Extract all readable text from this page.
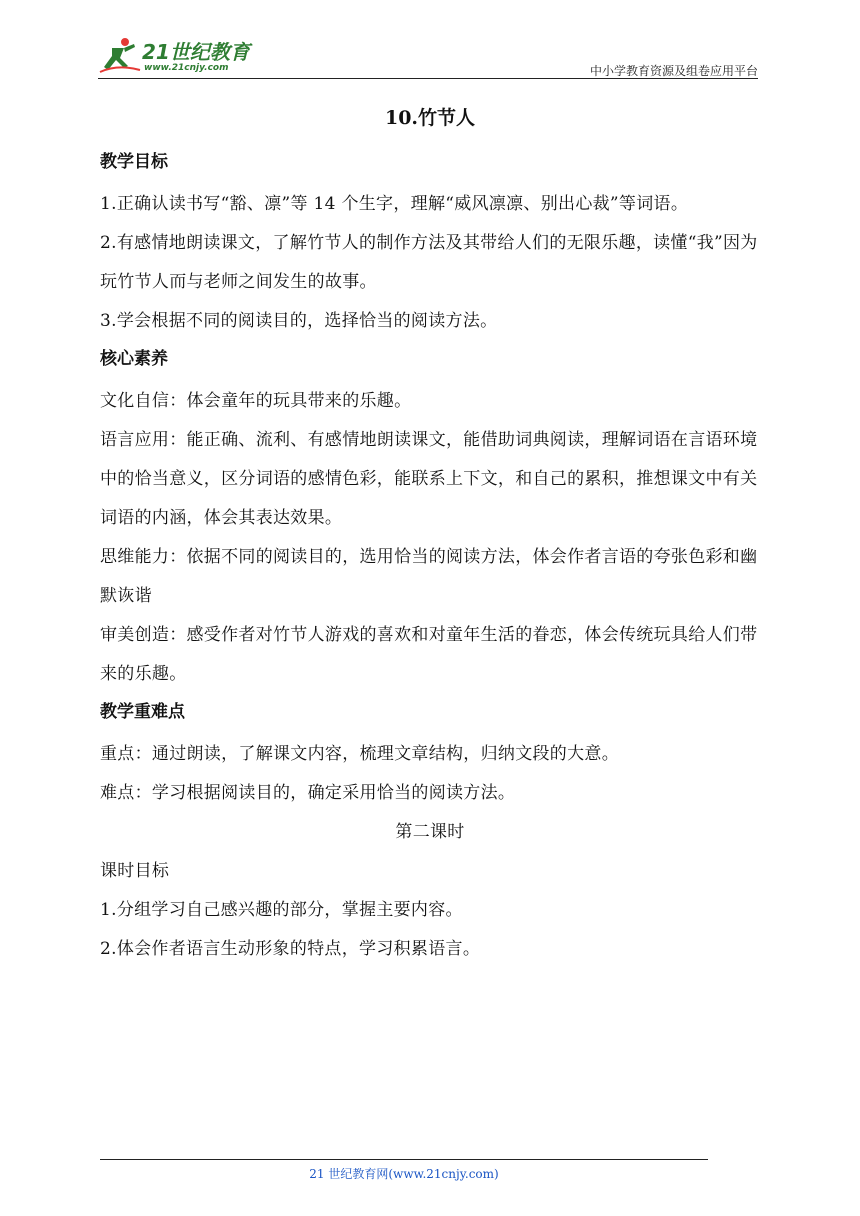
21世纪教育
www.21cnjy.com	中小学教育资源及组卷应用平台
10.竹节人
教学目标

1.正确认读书写“豁、凛”等 14 个生字，理解“威风凛凛、别出心裁”等词语。

2.有感情地朗读课文，了解竹节人的制作方法及其带给人们的无限乐趣，读懂“我”因为玩竹节人而与老师之间发生的故事。

3.学会根据不同的阅读目的，选择恰当的阅读方法。

核心素养

文化自信：体会童年的玩具带来的乐趣。

语言应用：能正确、流利、有感情地朗读课文，能借助词典阅读，理解词语在言语环境中的恰当意义，区分词语的感情色彩，能联系上下文，和自己的累积，推想课文中有关词语的内涵，体会其表达效果。

思维能力：依据不同的阅读目的，选用恰当的阅读方法，体会作者言语的夸张色彩和幽默诙谐

审美创造：感受作者对竹节人游戏的喜欢和对童年生活的眷恋，体会传统玩具给人们带来的乐趣。

教学重难点

重点：通过朗读，了解课文内容，梳理文章结构，归纳文段的大意。

难点：学习根据阅读目的，确定采用恰当的阅读方法。

第二课时

课时目标

1.分组学习自己感兴趣的部分，掌握主要内容。

2.体会作者语言生动形象的特点，学习积累语言。

21 世纪教育网(www.21cnjy.com)
